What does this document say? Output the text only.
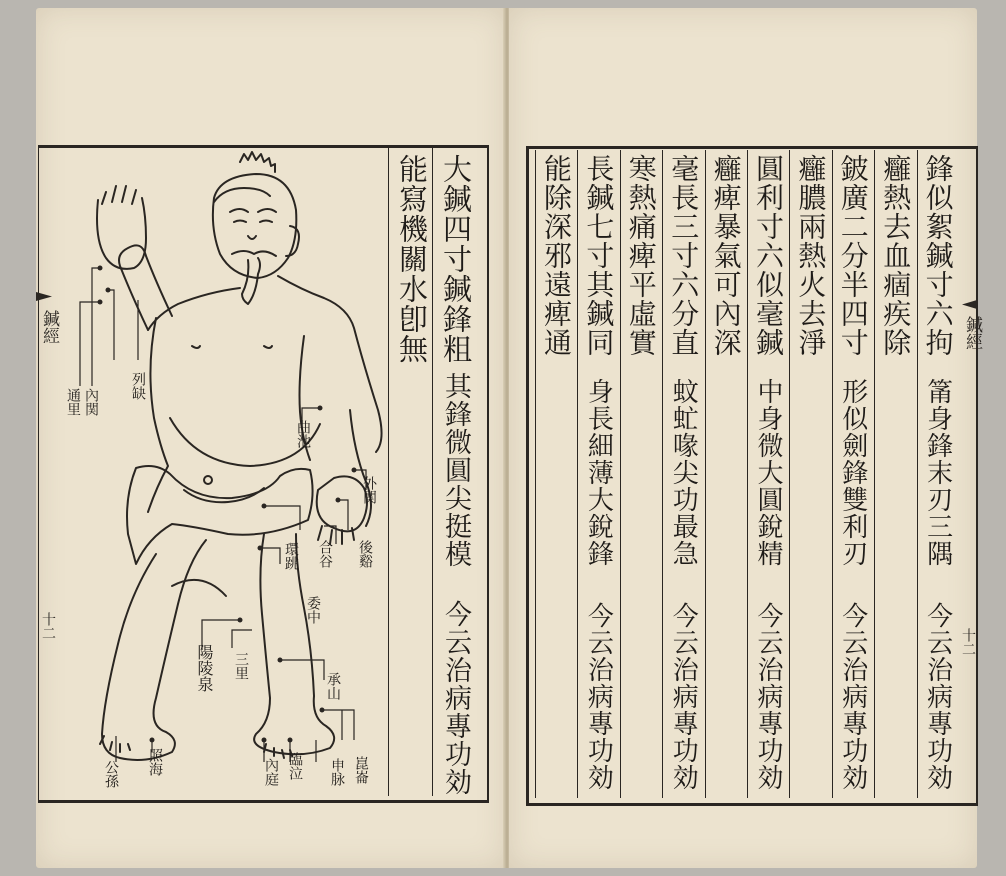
鍼經
十二
鍼經
十二
大鍼四寸鍼鋒粗
其鋒微圓尖挺模
今云治病專功効
能寫機關水卽無
列缺
內関
通里
曲池
外関
後谿
合谷
環跳
委中
陽陵泉 三里
承山
崑崙
申脉
臨泣
內庭
照海
公孫
鋒似絮鍼寸六拘
筩身鋒末刃三隅
今云治病專功効
癰熱去血痼疾除
鈹廣二分半四寸
形似劍鋒雙利刃
今云治病專功効
癰膿兩熱火去淨
圓利寸六似毫鍼
中身微大圓銳精
今云治病專功効
癰痺暴氣可內深
毫長三寸六分直
蚊虻喙尖功最急
今云治病專功効
寒熱痛痺平虛實
長鍼七寸其鍼同
身長細薄大銳鋒
今云治病專功効
能除深邪遠痺通
